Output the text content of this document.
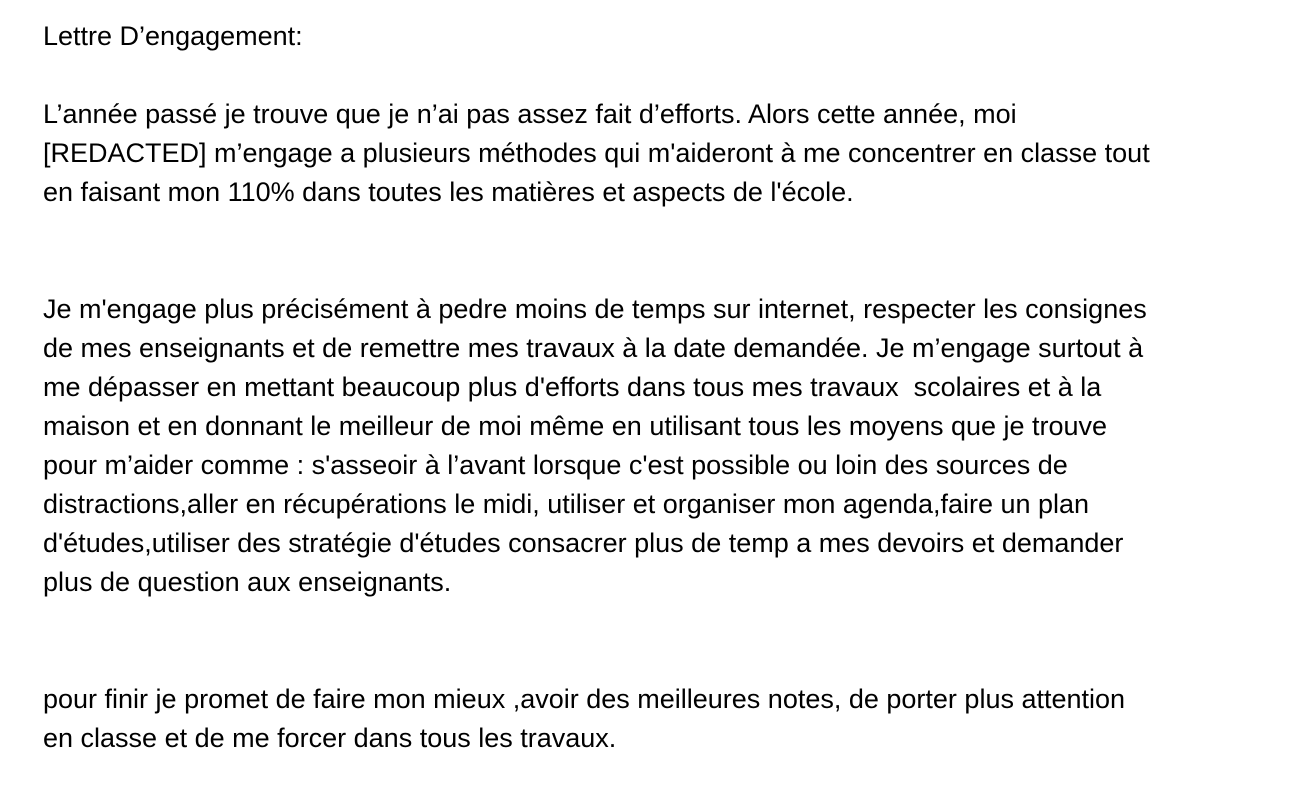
Lettre D’engagement:
L’année passé je trouve que je n’ai pas assez fait d’efforts. Alors cette année, moi
[REDACTED] m’engage a plusieurs méthodes qui m'aideront à me concentrer en classe tout
en faisant mon 110% dans toutes les matières et aspects de l'école.
Je m'engage plus précisément à pedre moins de temps sur internet, respecter les consignes
de mes enseignants et de remettre mes travaux à la date demandée. Je m’engage surtout à
me dépasser en mettant beaucoup plus d'efforts dans tous mes travaux  scolaires et à la
maison et en donnant le meilleur de moi même en utilisant tous les moyens que je trouve
pour m’aider comme : s'asseoir à l’avant lorsque c'est possible ou loin des sources de
distractions,aller en récupérations le midi, utiliser et organiser mon agenda,faire un plan
d'études,utiliser des stratégie d'études consacrer plus de temp a mes devoirs et demander
plus de question aux enseignants.
pour finir je promet de faire mon mieux ,avoir des meilleures notes, de porter plus attention
en classe et de me forcer dans tous les travaux.
